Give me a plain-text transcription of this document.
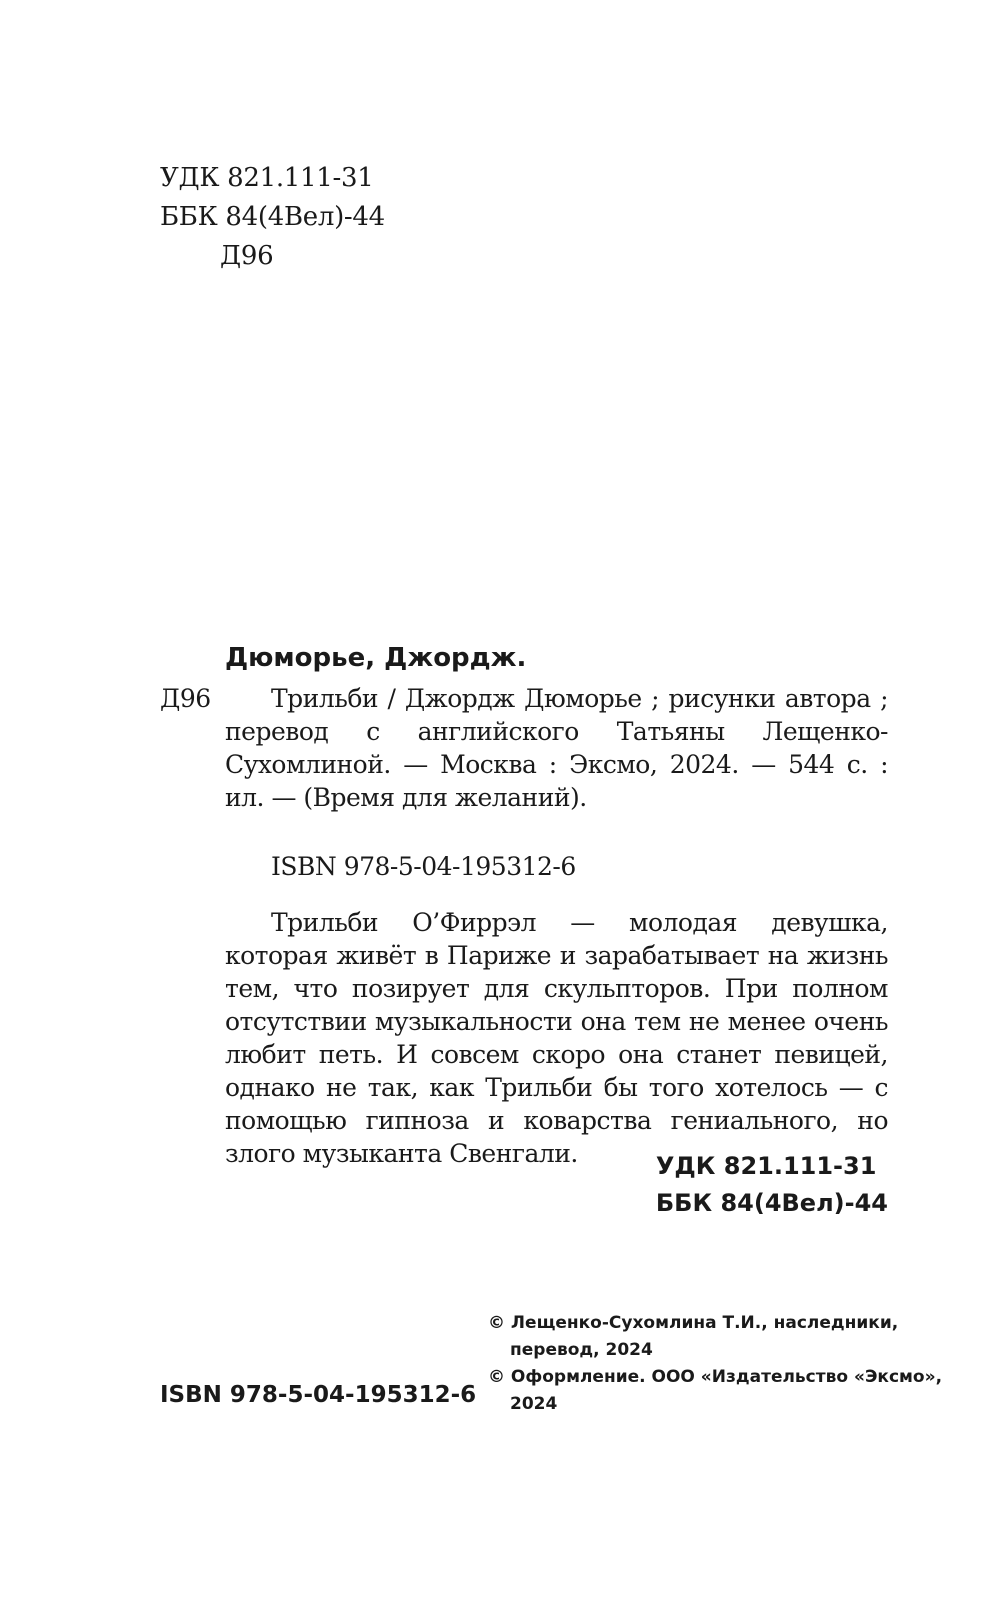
УДК 821.111-31
ББК 84(4Вел)-44
Д96
Дюморье, Джордж.
Д96	Трильби / Джордж Дюморье ; рисунки автора ; перевод с английского Татьяны Лещенко-Сухомлиной. — Москва : Эксмо, 2024. — 544 с. : ил. — (Время для желаний).
ISBN 978-5-04-195312-6
Трильби О’Фиррэл — молодая девушка, которая живёт в Париже и зарабатывает на жизнь тем, что позирует для скульпторов. При полном отсутствии музыкальности она тем не менее очень любит петь. И совсем скоро она станет певицей, однако не так, как Трильби бы того хотелось — с помощью гипноза и коварства гениального, но злого музыканта Свенгали.	УДК 821.111-31
ББК 84(4Вел)-44
ISBN 978-5-04-195312-6
© Лещенко-Сухомлина Т.И., наследники,
перевод, 2024
© Оформление. ООО «Издательство «Эксмо»,
2024
